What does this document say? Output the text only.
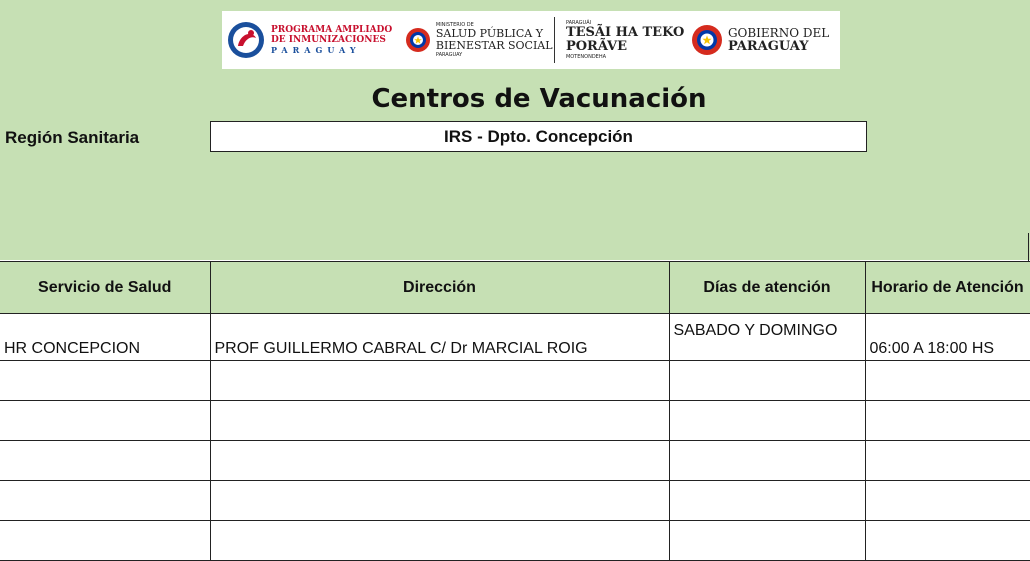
PROGRAMA AMPLIADO
DE INMUNIZACIONES
PARAGUAY
MINISTERIO DE
SALUD PÚBLICA Y
BIENESTAR SOCIAL
PARAGUAY
PARAGUÁI
TESÃI HA TEKO
PORÃVE
MOTENONDEHA
GOBIERNO DEL
PARAGUAY
Centros de Vacunación
Región Sanitaria	IRS - Dpto. Concepción
Servicio de Salud	Dirección	Días de atención	Horario de Atención
HR CONCEPCION	PROF GUILLERMO CABRAL C/ Dr MARCIAL ROIG	SABADO Y DOMINGO	06:00 A 18:00 HS
